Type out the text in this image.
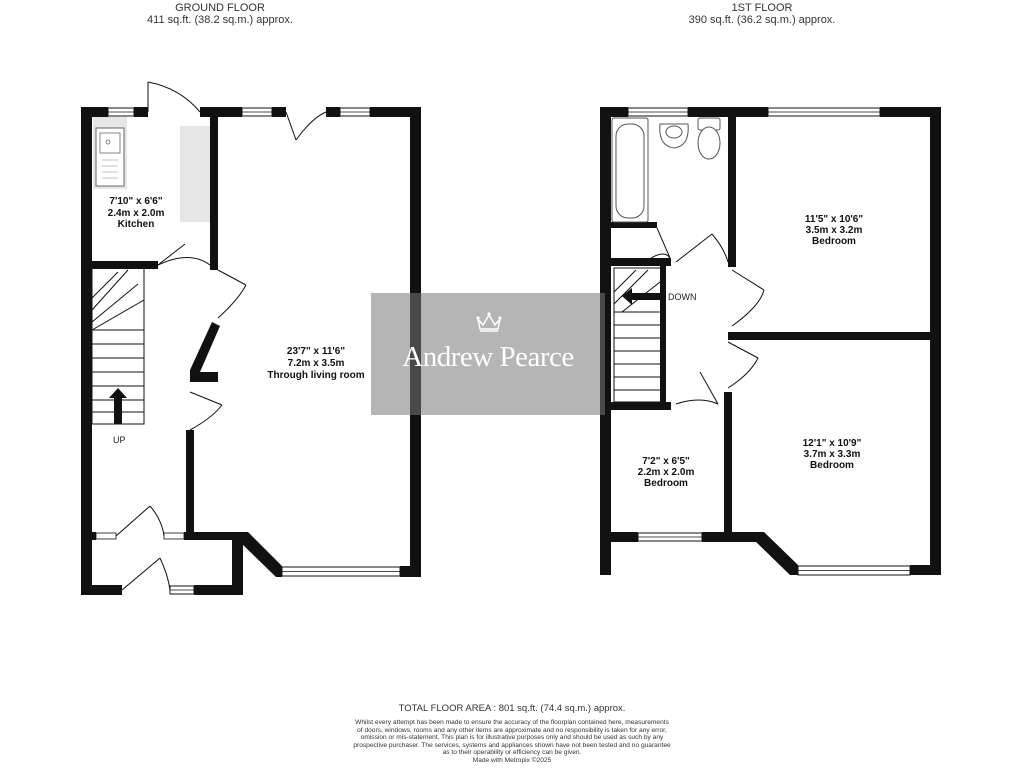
GROUND FLOOR
411 sq.ft. (38.2 sq.m.) approx.
1ST FLOOR
390 sq.ft. (36.2 sq.m.) approx.
7'10" x 6'6"
2.4m x 2.0m
Kitchen
23'7" x 11'6"
7.2m x 3.5m
Through living room
11'5" x 10'6"
3.5m x 3.2m
Bedroom
12'1" x 10'9"
3.7m x 3.3m
Bedroom
7'2" x 6'5"
2.2m x 2.0m
Bedroom
UP
DOWN
Andrew Pearce
· · ·
TOTAL FLOOR AREA : 801 sq.ft. (74.4 sq.m.) approx.
Whilst every attempt has been made to ensure the accuracy of the floorplan contained here, measurements
of doors, windows, rooms and any other items are approximate and no responsibility is taken for any error,
omission or mis-statement. This plan is for illustrative purposes only and should be used as such by any
prospective purchaser. The services, systems and appliances shown have not been tested and no guarantee
as to their operability or efficiency can be given.
Made with Metropix ©2025
